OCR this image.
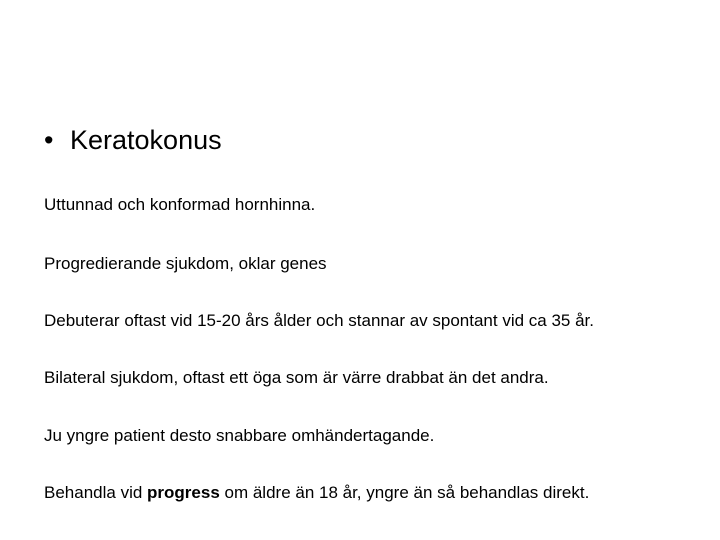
• Keratokonus
Uttunnad och konformad hornhinna.
Progredierande sjukdom, oklar genes
Debuterar oftast vid 15-20 års ålder och stannar av spontant vid ca 35 år.
Bilateral sjukdom, oftast ett öga som är värre drabbat än det andra.
Ju yngre patient desto snabbare omhändertagande.
Behandla vid progress om äldre än 18 år, yngre än så behandlas direkt.
